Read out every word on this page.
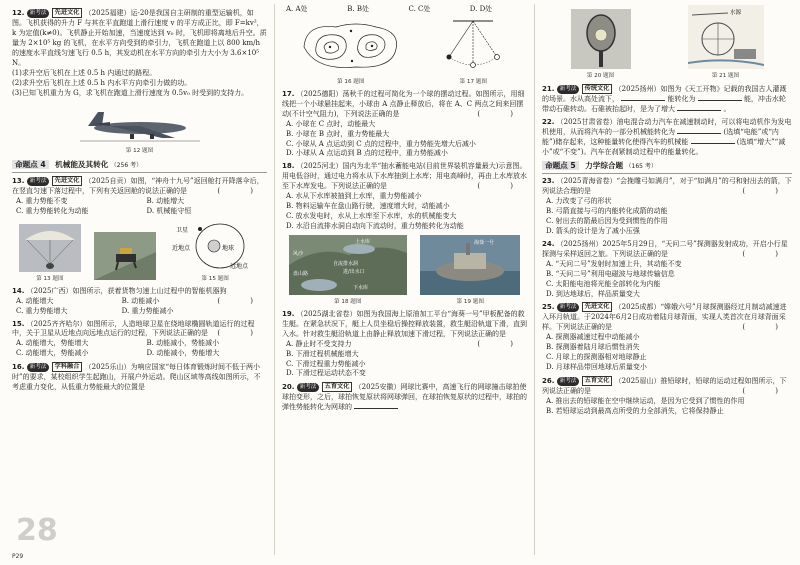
12. 新考法 先进文化 （2025福建）运-20是我国自主研制的重型运输机，如图。飞机获得的升力 F 与其在平直跑道上滑行速度 v 的平方成正比，即 F=kv²，k 为定值(k≠0)。飞机静止开始加速，当速度达到 v₀ 时，飞机即将离地后升空。质量为 2×10⁵ kg 的飞机，在水平方向受到的牵引力，飞机在跑道上以 800 km/h 的速度水平直线匀速飞行 0.5 h，其发动机在水平方向的牵引力大小为 3.6×10⁵ N。

(1)求升空后飞机在上述 0.5 h 内通过的路程。

(2)求升空后飞机在上述 0.5 h 内水平方向牵引力做的功。

(3)已知飞机重力为 G，求飞机在跑道上滑行速度为 0.5v₀ 时受到的支持力。

第 12 题图
命题点 4 机械能及其转化 （256 考）

13. 新考法 先进文化 （2025自贡）如图，“神舟十九号”返回舱打开降落伞后，在竖直匀速下落过程中，下列有关返回舱的说法正确的是	( )

A. 重力势能不变	B. 动能增大
C. 重力势能转化为动能	D. 机械能守恒
第 13 题图
卫星
近地点	地球
远地点
第 15 题图

14. （2025广西）如图所示，获着货物匀速上山过程中的智能机器狗
( )

A. 动能增大	B. 动能减小
C. 重力势能增大	D. 重力势能减小

15. （2025齐齐哈尔）如图所示，人造地球卫星在绕地球椭圆轨道运行的过程中，关于卫星从近地点向远地点运行的过程，下列说法正确的是 ( )

A. 动能增大，势能增大	B. 动能减小，势能减小
C. 动能增大，势能减小	D. 动能减小，势能增大

16. 新考法 学科融合 （2025乐山）为响应国家“每日体育锻炼时间不低于两小时”的要求，某校组织学生起跑山，开展户外运动。爬山区域等高线如图所示，不考虑重力变化，从低重力势能最大的位置是

A. A处	B. B处	C. C处	D. D处
第 16 题图	第 17 题图

17. （2025德阳）荡秋千的过程可简化为一个球的摆动过程。如图所示，用细线把一个小球悬挂起来，小球由 A 点静止释放后，将在 A、C 两点之间来回摆动(不计空气阻力)，下列说法正确的是	( )

A. 小球在 C 点时，动能最大

B. 小球在 B 点时，重力势能最大

C. 小球从 A 点运动到 C 点的过程中，重力势能先增大后减小

D. 小球从 A 点运动到 B 点的过程中，重力势能减小

18. （2025河北）国内为北半“抽水蓄能电站(目前世界装机容量最大)示意图。用电低谷时，通过电力将水从下水库抽到上水库；用电高峰时，再由上水库放水至下水库发电。下列说法正确的是	( )

A. 水从下水库被抽到上水库，重力势能减小

B. 物料运输车在盘山路行驶，速度增大时，动能减小

C. 放水发电时，水从上水库至下水库，水的机械能变大

D. 水沿自流排水洞自动向下流动时，重力势能转化为动能

上水库
风沙
自流排水洞
进/出水口
盘山路
下水库
第 18 题图
海葵一号
第 19 题图

19. （2025湖北省卷）如图为我国海上原油加工平台“海葵一号”甲板配备的救生艇。在紧急状况下，艇上人员坐稳后操控释放装置，救生艇沿轨道下滑，直到入水。针对救生艇沿轨道上由静止释放加速下滑过程，下列说法正确的是
( )

A. 静止时不受支持力

B. 下滑过程机械能增大

C. 下滑过程重力势能减小

D. 下滑过程运动状态不变

20. 新考法 五育文化 （2025安徽）网球比赛中，高速飞行的网球撞击球拍使球拍变形，之后，球拍恢复原状将网球弹回，在球拍恢复原状的过程中，球拍的弹性势能转化为网球的

第 20 题图
水源
第 21 题图

21. 新考法 传统文化 （2025扬州）如图为《天工开物》记载的我国古人灌溉的场景。水从高处流下，	能转化为	能，冲击水轮带动石碓转动。石碓被抬起时，是为了增大	。

22. （2025甘肃省卷）油电混合动力汽车在减速制动时，可以将电动机作为发电机使用，从而将汽车的一部分机械能转化为	(选填“电能”或“内能”)储存起来，这种能量转化使得汽车的机械能	(选填“增大”“减小”或“不变”)。汽车在刹紧制动过程中的能量转化。

命题点 5 力学综合题 （165 考）

23. （2025青海省卷）“会挽雕弓如满月”，对于“如满月”的弓和射出去的箭，下列说法合理的是	( )

A. 力改变了弓的形状

B. 弓箭直接与弓的内能转化成箭的动能

C. 射出去的箭最后因为受到惯性的作用

D. 箭头的设计是为了减小压强

24. （2025扬州）2025年5月29日，“天问二号”探测器发射成功，开启小行星探测与采样返回之旅。下列说法正确的是	( )

A. “天问二号”发射时加速上升，其动能不变

B. “天问二号”利用电磁波与地球传输信息

C. 太阳能电池将光能全部转化为内能

D. 到达地球后，样品质量变大

25. 新考法 先进文化 （2025成都）“嫦娥六号”月球探测器经过月制动减速进入环月轨道。于2024年6月2日成功着陆月球背面，实现人类首次在月球背面采样。下列说法正确的是	( )

A. 探测器减速过程中动能减小

B. 探测器着陆月球后惯性消失

C. 月球上的探测器相对地球静止

D. 月球样品带回地球后质量变小

26. 新考法 五育文化 （2025眉山）推铅球时，铅球的运动过程如图所示，下列说法正确的是	( )

A. 推出去的铅球能在空中继续运动，是因为它受到了惯性的作用

B. 若铅球运动到最高点所受的力全部消失，它将保持静止

28
P29
